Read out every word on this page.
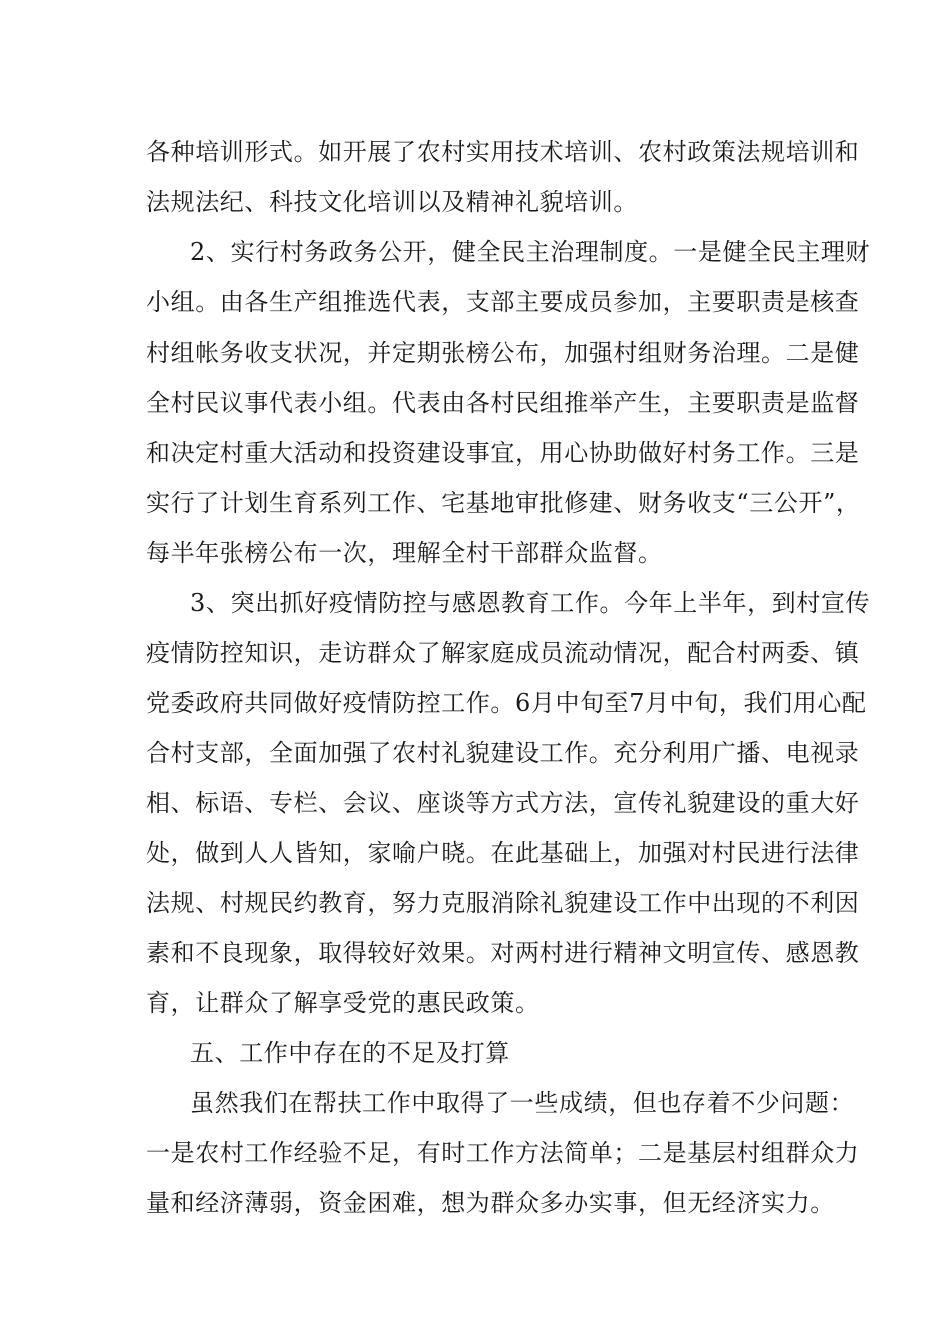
各种培训形式。如开展了农村实用技术培训、农村政策法规培训和
法规法纪、科技文化培训以及精神礼貌培训。
2、实行村务政务公开，健全民主治理制度。一是健全民主理财
小组。由各生产组推选代表，支部主要成员参加，主要职责是核查
村组帐务收支状况，并定期张榜公布，加强村组财务治理。二是健
全村民议事代表小组。代表由各村民组推举产生，主要职责是监督
和决定村重大活动和投资建设事宜，用心协助做好村务工作。三是
实行了计划生育系列工作、宅基地审批修建、财务收支“三公开”，
每半年张榜公布一次，理解全村干部群众监督。
3、突出抓好疫情防控与感恩教育工作。今年上半年，到村宣传
疫情防控知识，走访群众了解家庭成员流动情况，配合村两委、镇
党委政府共同做好疫情防控工作。6月中旬至7月中旬，我们用心配
合村支部，全面加强了农村礼貌建设工作。充分利用广播、电视录
相、标语、专栏、会议、座谈等方式方法，宣传礼貌建设的重大好
处，做到人人皆知，家喻户晓。在此基础上，加强对村民进行法律
法规、村规民约教育，努力克服消除礼貌建设工作中出现的不利因
素和不良现象，取得较好效果。对两村进行精神文明宣传、感恩教
育，让群众了解享受党的惠民政策。
五、工作中存在的不足及打算
虽然我们在帮扶工作中取得了一些成绩，但也存着不少问题：
一是农村工作经验不足，有时工作方法简单；二是基层村组群众力
量和经济薄弱，资金困难，想为群众多办实事，但无经济实力。
